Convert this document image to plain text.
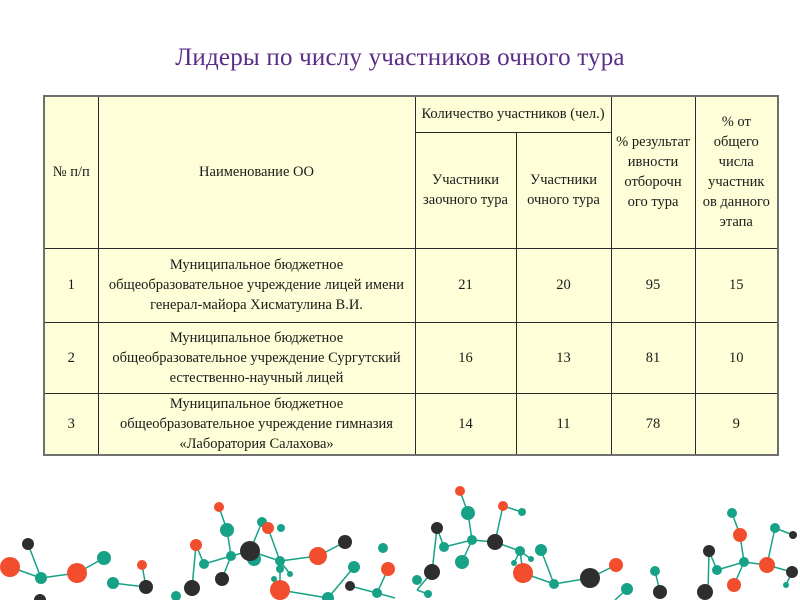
Лидеры по числу участников очного тура
№ п/п	Наименование ОО	Количество участников (чел.)		% результат ивности отборочн ого тура	% от общего числа участник ов данного этапа
		Участники заочного тура	Участники очного тура		
1	Муниципальное бюджетное общеобразовательное учреждение лицей имени генерал-майора Хисматулина В.И.	21	20	95	15
2	Муниципальное бюджетное общеобразовательное учреждение Сургутский естественно-научный лицей	16	13	81	10
3	Муниципальное бюджетное общеобразовательное учреждение гимназия «Лаборатория Салахова»	14	11	78	9
